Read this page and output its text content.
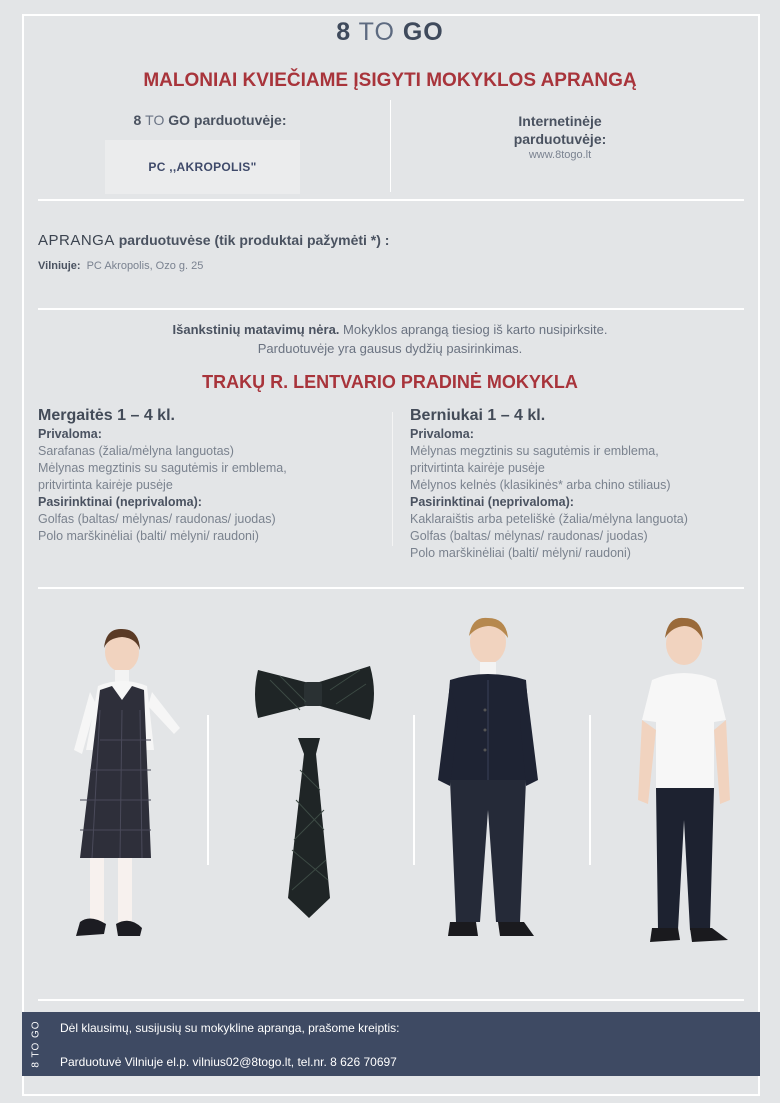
8 TO GO
MALONIAI KVIEČIAME ĮSIGYTI MOKYKLOS APRANGĄ
8 TO GO parduotuvėje:
PC ,,AKROPOLIS"
Internetinėje
parduotuvėje:
www.8togo.lt
APRANGA parduotuvėse (tik produktai pažymėti *) :
Vilniuje: PC Akropolis, Ozo g. 25
Išankstinių matavimų nėra. Mokyklos aprangą tiesiog iš karto nusipirksite.
Parduotuvėje yra gausus dydžių pasirinkimas.
TRAKŲ R. LENTVARIO PRADINĖ MOKYKLA
Mergaitės 1 – 4 kl.
Privaloma:
Sarafanas (žalia/mėlyna languotas)
Mėlynas megztinis su sagutėmis ir emblema,
pritvirtinta kairėje pusėje
Pasirinktinai (neprivaloma):
Golfas (baltas/ mėlynas/ raudonas/ juodas)
Polo marškinėliai (balti/ mėlyni/ raudoni)
Berniukai 1 – 4 kl.
Privaloma:
Mėlynas megztinis su sagutėmis ir emblema,
pritvirtinta kairėje pusėje
Mėlynos kelnės (klasikinės* arba chino stiliaus)
Pasirinktinai (neprivaloma):
Kaklaraištis arba peteliškė (žalia/mėlyna languota)
Golfas (baltas/ mėlynas/ raudonas/ juodas)
Polo marškinėliai (balti/ mėlyni/ raudoni)
8 TO GO Dėl klausimų, susijusių su mokykline apranga, prašome kreiptis:
Parduotuvė Vilniuje el.p. vilnius02@8togo.lt, tel.nr. 8 626 70697
